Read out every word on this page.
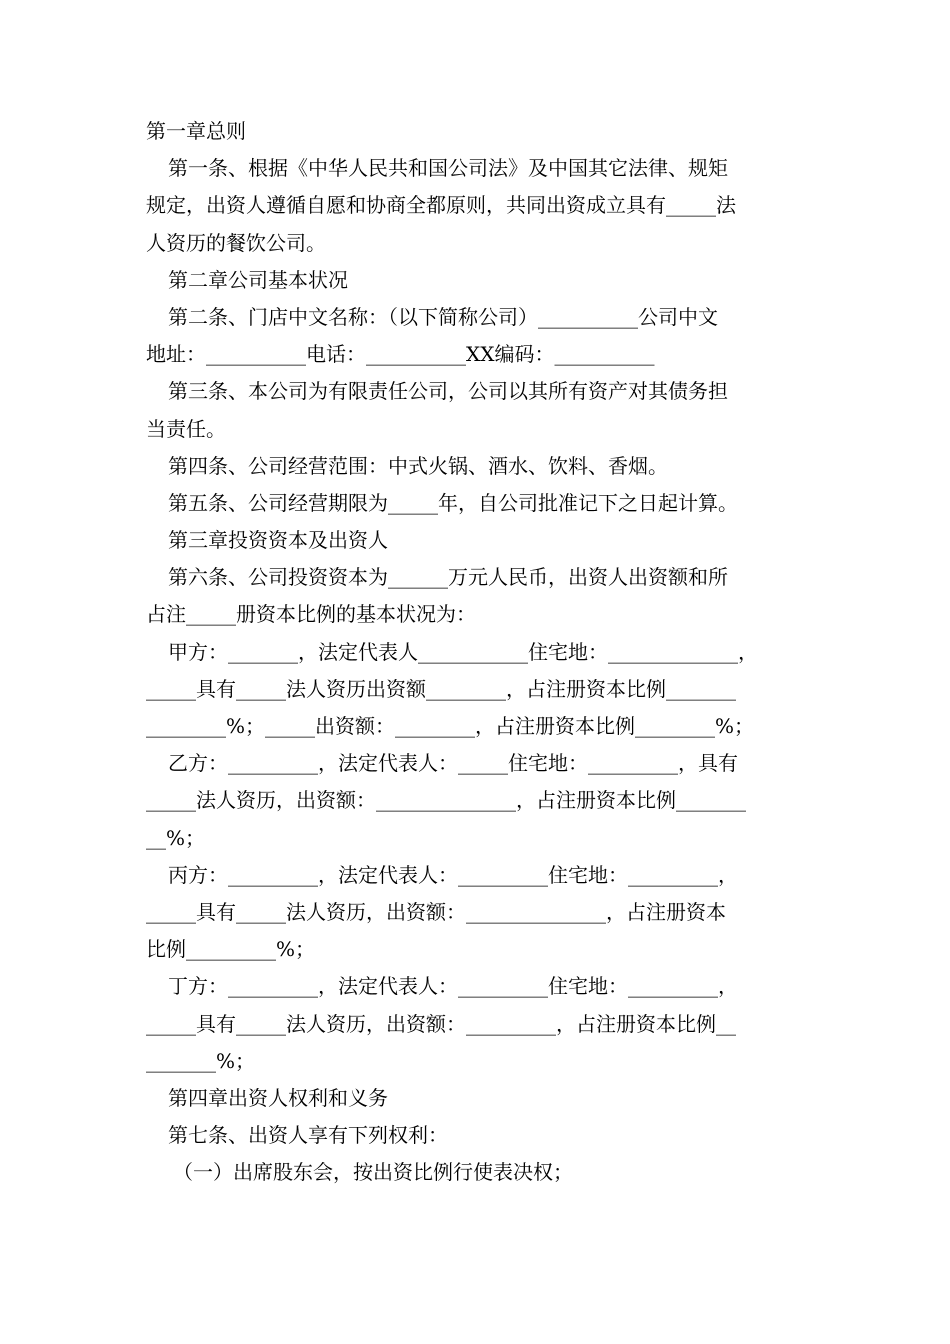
第一章总则
第一条、根据《中华人民共和国公司法》及中国其它法律、规矩
规定，出资人遵循自愿和协商全都原则，共同出资成立具有_____法
人资历的餐饮公司。
第二章公司基本状况
第二条、门店中文名称：（以下简称公司）__________公司中文
地址：__________电话：__________XX编码：__________
第三条、本公司为有限责任公司，公司以其所有资产对其债务担
当责任。
第四条、公司经营范围：中式火锅、酒水、饮料、香烟。
第五条、公司经营期限为_____年，自公司批准记下之日起计算。
第三章投资资本及出资人
第六条、公司投资资本为______万元人民币，出资人出资额和所
占注_____册资本比例的基本状况为：
甲方：_______，法定代表人___________住宅地：_____________，
_____具有_____法人资历出资额________，占注册资本比例_______
________%；_____出资额：________，占注册资本比例________%；
乙方：_________，法定代表人：_____住宅地：_________，具有
_____法人资历，出资额：______________，占注册资本比例_______
__%；
丙方：_________，法定代表人：_________住宅地：_________，
_____具有_____法人资历，出资额：______________，占注册资本
比例_________%；
丁方：_________，法定代表人：_________住宅地：_________，
_____具有_____法人资历，出资额：_________，占注册资本比例__
_______%；
第四章出资人权利和义务
第七条、出资人享有下列权利：
（一）出席股东会，按出资比例行使表决权；
